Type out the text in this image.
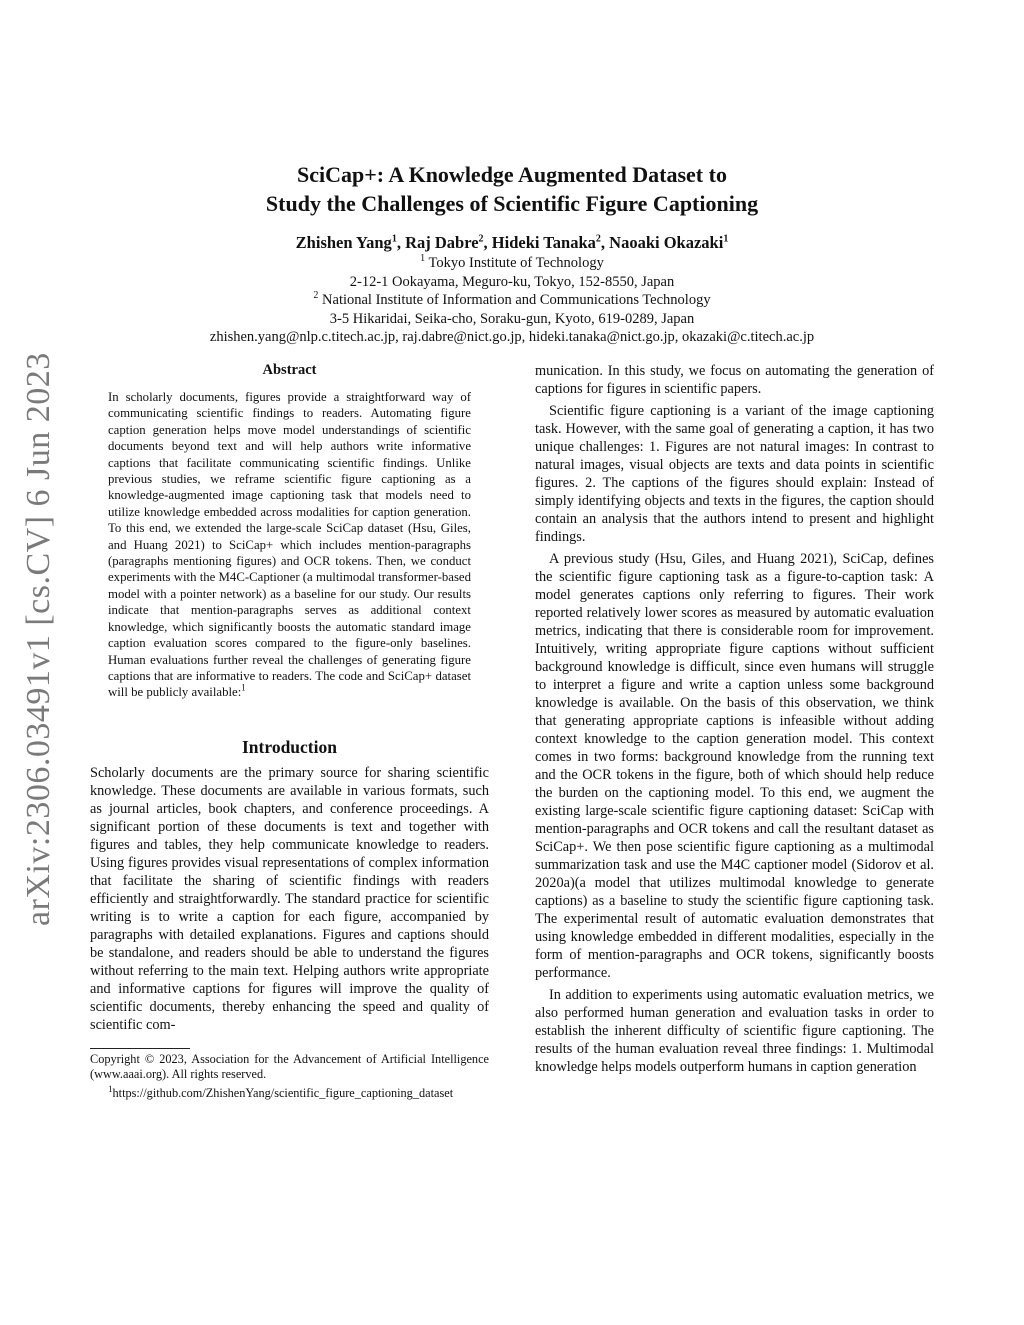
arXiv:2306.03491v1 [cs.CV] 6 Jun 2023
SciCap+: A Knowledge Augmented Dataset to
Study the Challenges of Scientific Figure Captioning
Zhishen Yang$^1$, Raj Dabre$^2$, Hideki Tanaka$^2$, Naoaki Okazaki$^1$
$^1$ Tokyo Institute of Technology
2-12-1 Ookayama, Meguro-ku, Tokyo, 152-8550, Japan
$^2$ National Institute of Information and Communications Technology
3-5 Hikaridai, Seika-cho, Soraku-gun, Kyoto, 619-0289, Japan
zhishen.yang@nlp.c.titech.ac.jp, raj.dabre@nict.go.jp, hideki.tanaka@nict.go.jp, okazaki@c.titech.ac.jp
Abstract

In scholarly documents, figures provide a straightforward way of communicating scientific findings to readers. Automating figure caption generation helps move model understandings of scientific documents beyond text and will help authors write informative captions that facilitate communicating scientific findings. Unlike previous studies, we reframe scientific figure captioning as a knowledge-augmented image captioning task that models need to utilize knowledge embedded across modalities for caption generation. To this end, we extended the large-scale SciCap dataset (Hsu, Giles, and Huang 2021) to SciCap+ which includes mention-paragraphs (paragraphs mentioning figures) and OCR tokens. Then, we conduct experiments with the M4C-Captioner (a multimodal transformer-based model with a pointer network) as a baseline for our study. Our results indicate that mention-paragraphs serves as additional context knowledge, which significantly boosts the automatic standard image caption evaluation scores compared to the figure-only baselines. Human evaluations further reveal the challenges of generating figure captions that are informative to readers. The code and SciCap+ dataset will be publicly available:$^1$

Introduction

Scholarly documents are the primary source for sharing scientific knowledge. These documents are available in various formats, such as journal articles, book chapters, and conference proceedings. A significant portion of these documents is text and together with figures and tables, they help communicate knowledge to readers. Using figures provides visual representations of complex information that facilitate the sharing of scientific findings with readers efficiently and straightforwardly. The standard practice for scientific writing is to write a caption for each figure, accompanied by paragraphs with detailed explanations. Figures and captions should be standalone, and readers should be able to understand the figures without referring to the main text. Helping authors write appropriate and informative captions for figures will improve the quality of scientific documents, thereby enhancing the speed and quality of scientific com-

Copyright © 2023, Association for the Advancement of Artificial Intelligence (www.aaai.org). All rights reserved.

$^1$https://github.com/ZhishenYang/scientific_figure_captioning_dataset

munication. In this study, we focus on automating the generation of captions for figures in scientific papers.

Scientific figure captioning is a variant of the image captioning task. However, with the same goal of generating a caption, it has two unique challenges: 1. Figures are not natural images: In contrast to natural images, visual objects are texts and data points in scientific figures. 2. The captions of the figures should explain: Instead of simply identifying objects and texts in the figures, the caption should contain an analysis that the authors intend to present and highlight findings.

A previous study (Hsu, Giles, and Huang 2021), SciCap, defines the scientific figure captioning task as a figure-to-caption task: A model generates captions only referring to figures. Their work reported relatively lower scores as measured by automatic evaluation metrics, indicating that there is considerable room for improvement. Intuitively, writing appropriate figure captions without sufficient background knowledge is difficult, since even humans will struggle to interpret a figure and write a caption unless some background knowledge is available. On the basis of this observation, we think that generating appropriate captions is infeasible without adding context knowledge to the caption generation model. This context comes in two forms: background knowledge from the running text and the OCR tokens in the figure, both of which should help reduce the burden on the captioning model. To this end, we augment the existing large-scale scientific figure captioning dataset: SciCap with mention-paragraphs and OCR tokens and call the resultant dataset as SciCap+. We then pose scientific figure captioning as a multimodal summarization task and use the M4C captioner model (Sidorov et al. 2020a)(a model that utilizes multimodal knowledge to generate captions) as a baseline to study the scientific figure captioning task. The experimental result of automatic evaluation demonstrates that using knowledge embedded in different modalities, especially in the form of mention-paragraphs and OCR tokens, significantly boosts performance.

In addition to experiments using automatic evaluation metrics, we also performed human generation and evaluation tasks in order to establish the inherent difficulty of scientific figure captioning. The results of the human evaluation reveal three findings: 1. Multimodal knowledge helps models outperform humans in caption generation
